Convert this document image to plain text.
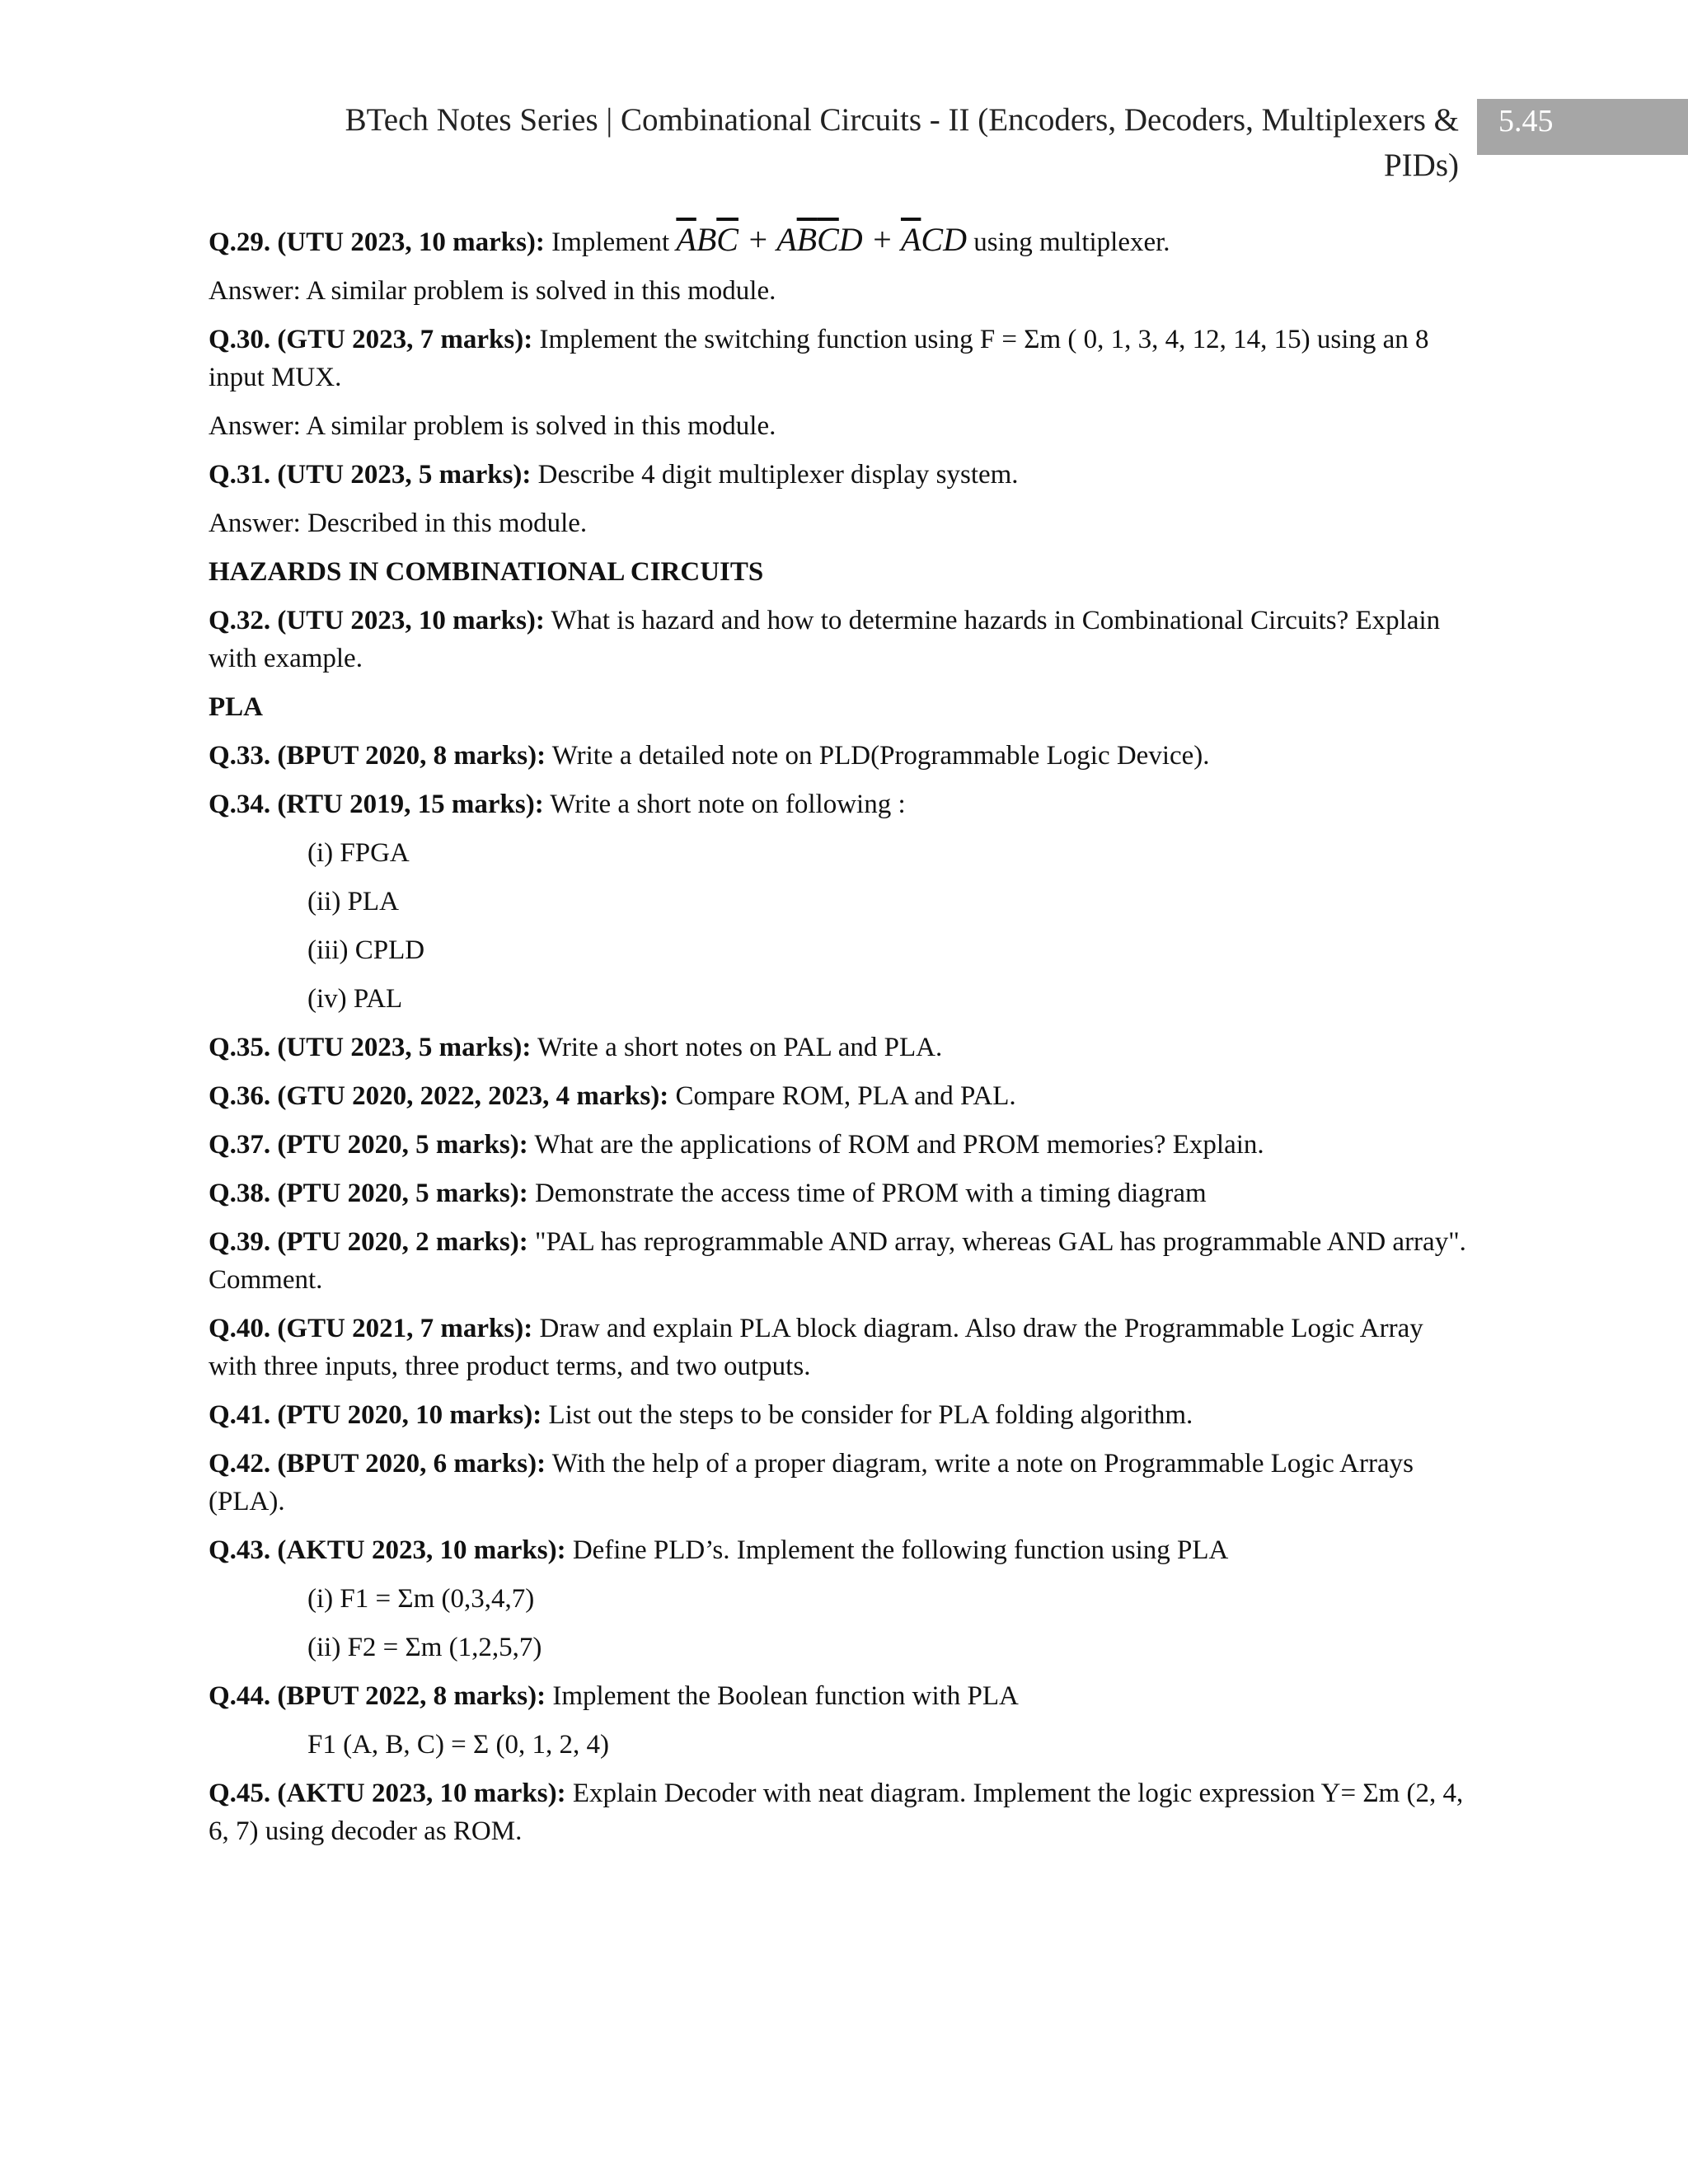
BTech Notes Series | Combinational Circuits - II (Encoders, Decoders, Multiplexers &
PIDs)
5.45

Q.29. (UTU 2023, 10 marks): Implement $\overline{A}B\overline{C} + A\overline{B}\overline{C}D + \overline{A}CD$ using multiplexer.

Answer: A similar problem is solved in this module.

Q.30. (GTU 2023, 7 marks): Implement the switching function using F = Σm ( 0, 1, 3, 4, 12, 14, 15) using an 8 input MUX.

Answer: A similar problem is solved in this module.

Q.31. (UTU 2023, 5 marks): Describe 4 digit multiplexer display system.

Answer: Described in this module.

HAZARDS IN COMBINATIONAL CIRCUITS

Q.32. (UTU 2023, 10 marks): What is hazard and how to determine hazards in Combinational Circuits? Explain with example.

PLA

Q.33. (BPUT 2020, 8 marks): Write a detailed note on PLD(Programmable Logic Device).

Q.34. (RTU 2019, 15 marks): Write a short note on following :

(i) FPGA

(ii) PLA

(iii) CPLD

(iv) PAL

Q.35. (UTU 2023, 5 marks): Write a short notes on PAL and PLA.

Q.36. (GTU 2020, 2022, 2023, 4 marks): Compare ROM, PLA and PAL.

Q.37. (PTU 2020, 5 marks): What are the applications of ROM and PROM memories? Explain.

Q.38. (PTU 2020, 5 marks): Demonstrate the access time of PROM with a timing diagram

Q.39. (PTU 2020, 2 marks): "PAL has reprogrammable AND array, whereas GAL has programmable AND array". Comment.

Q.40. (GTU 2021, 7 marks): Draw and explain PLA block diagram. Also draw the Programmable Logic Array with three inputs, three product terms, and two outputs.

Q.41. (PTU 2020, 10 marks): List out the steps to be consider for PLA folding algorithm.

Q.42. (BPUT 2020, 6 marks): With the help of a proper diagram, write a note on Programmable Logic Arrays (PLA).

Q.43. (AKTU 2023, 10 marks): Define PLD’s. Implement the following function using PLA

(i) F1 = Σm (0,3,4,7)

(ii) F2 = Σm (1,2,5,7)

Q.44. (BPUT 2022, 8 marks): Implement the Boolean function with PLA

F1 (A, B, C) = Σ (0, 1, 2, 4)

Q.45. (AKTU 2023, 10 marks): Explain Decoder with neat diagram. Implement the logic expression Y= Σm (2, 4, 6, 7) using decoder as ROM.
